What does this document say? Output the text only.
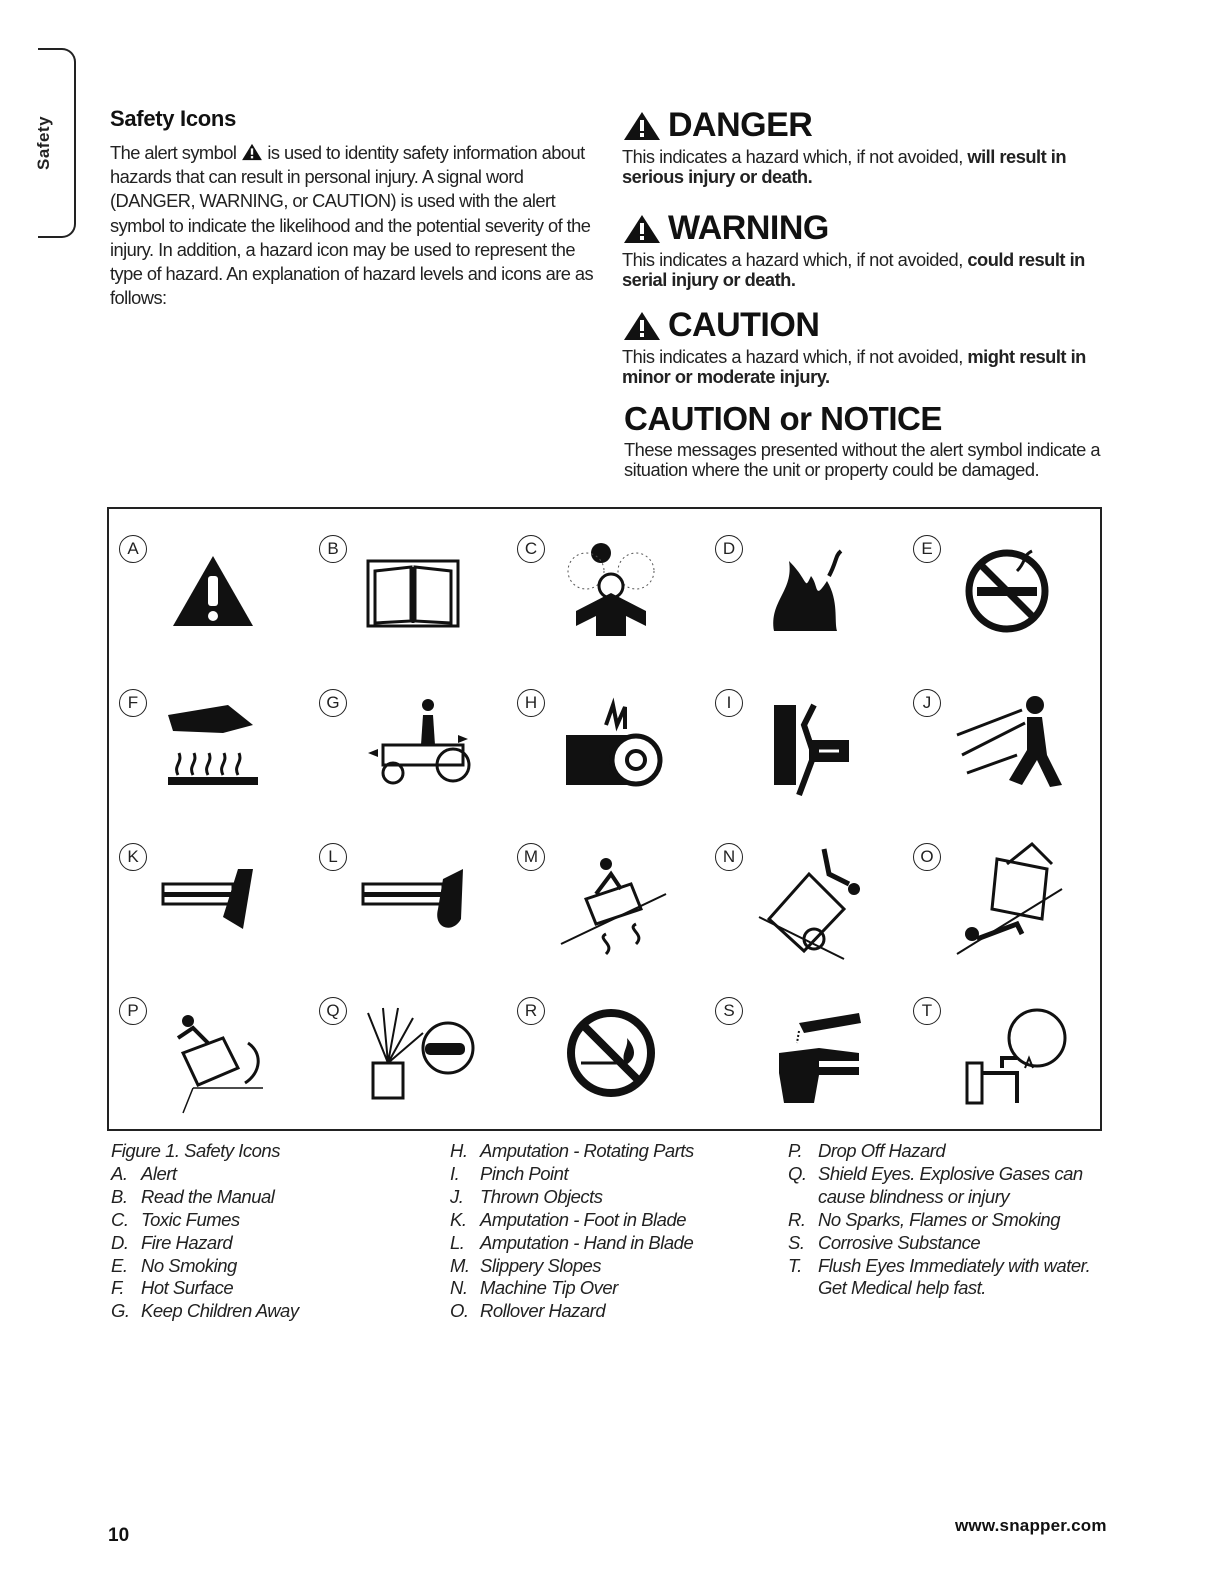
Safety	Safety Icons
The alert symbol is used to identity safety information about hazards that can result in personal injury. A signal word (DANGER, WARNING, or CAUTION) is used with the alert symbol to indicate the likelihood and the potential severity of the injury. In addition, a hazard icon may be used to represent the type of hazard. An explanation of hazard levels and icons are as follows:
DANGER
This indicates a hazard which, if not avoided, will result in serious injury or death.
WARNING
This indicates a hazard which, if not avoided, could result in serial injury or death.
CAUTION
This indicates a hazard which, if not avoided, might result in minor or moderate injury.
CAUTION or NOTICE
These messages presented without the alert symbol indicate a situation where the unit or property could be damaged.
A	B	C	D	E
F	G	H	I	J
K	L	M	N	O
P	Q	R	S	T
Figure 1. Safety Icons
A. Alert
B. Read the Manual
C. Toxic Fumes
D. Fire Hazard
E. No Smoking
F. Hot Surface
G. Keep Children Away
H. Amputation - Rotating Parts
I.	Pinch Point
J. Thrown Objects
K. Amputation - Foot in Blade
L. Amputation - Hand in Blade
M. Slippery Slopes
N. Machine Tip Over
O. Rollover Hazard
P. Drop Off Hazard
Q. Shield Eyes. Explosive Gases can
cause blindness or injury
R. No Sparks, Flames or Smoking
S. Corrosive Substance
T. Flush Eyes Immediately with water.
Get Medical help fast.
10	www.snapper.com
